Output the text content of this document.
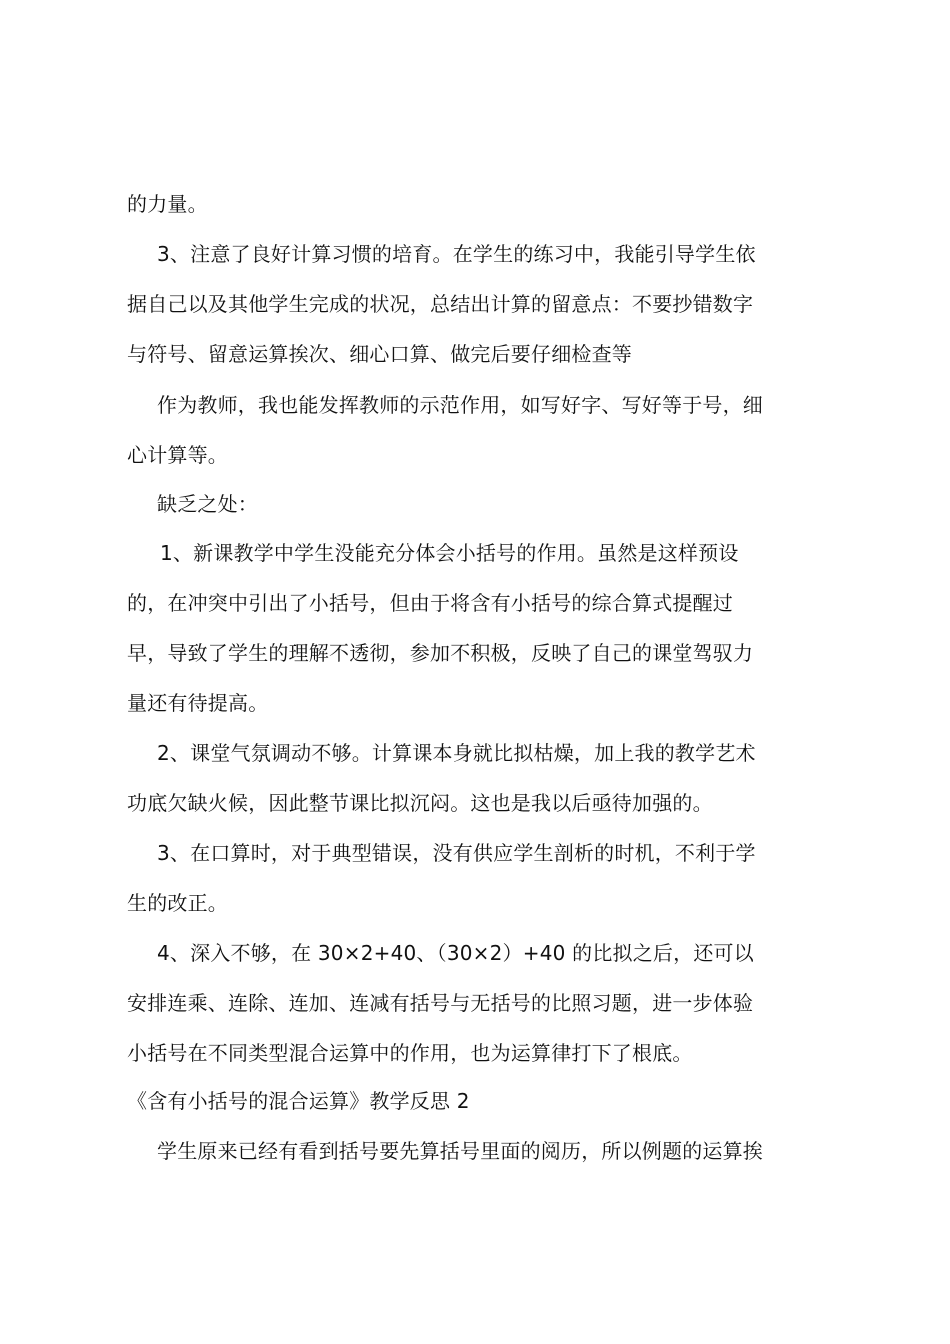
的力量。
3、注意了良好计算习惯的培育。在学生的练习中，我能引导学生依
据自己以及其他学生完成的状况，总结出计算的留意点：不要抄错数字
与符号、留意运算挨次、细心口算、做完后要仔细检查等
作为教师，我也能发挥教师的示范作用，如写好字、写好等于号，细
心计算等。
缺乏之处：
1、新课教学中学生没能充分体会小括号的作用。虽然是这样预设
的，在冲突中引出了小括号，但由于将含有小括号的综合算式提醒过
早，导致了学生的理解不透彻，参加不积极，反映了自己的课堂驾驭力
量还有待提高。
2、课堂气氛调动不够。计算课本身就比拟枯燥，加上我的教学艺术
功底欠缺火候，因此整节课比拟沉闷。这也是我以后亟待加强的。
3、在口算时，对于典型错误，没有供应学生剖析的时机，不利于学
生的改正。
4、深入不够，在 30×2+40、（30×2）+40 的比拟之后，还可以
安排连乘、连除、连加、连减有括号与无括号的比照习题，进一步体验
小括号在不同类型混合运算中的作用，也为运算律打下了根底。
《含有小括号的混合运算》教学反思 2
学生原来已经有看到括号要先算括号里面的阅历，所以例题的运算挨
